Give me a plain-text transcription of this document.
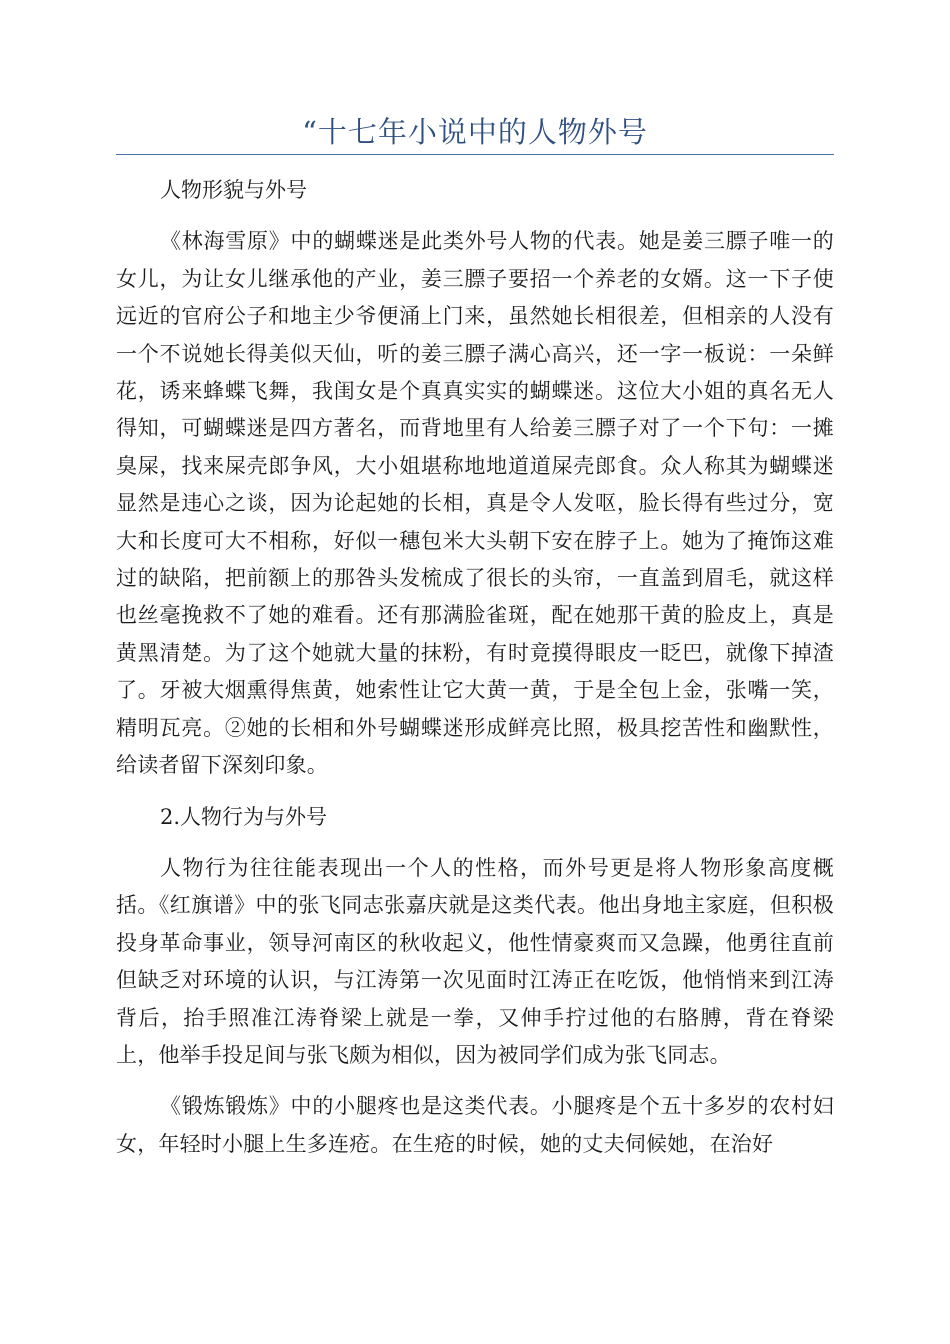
“十七年小说中的人物外号

人物形貌与外号

《林海雪原》中的蝴蝶迷是此类外号人物的代表。她是姜三膘子唯一的女儿，为让女儿继承他的产业，姜三膘子要招一个养老的女婿。这一下子使远近的官府公子和地主少爷便涌上门来，虽然她长相很差，但相亲的人没有一个不说她长得美似天仙，听的姜三膘子满心高兴，还一字一板说：一朵鲜花，诱来蜂蝶飞舞，我闺女是个真真实实的蝴蝶迷。这位大小姐的真名无人得知，可蝴蝶迷是四方著名，而背地里有人给姜三膘子对了一个下句：一摊臭屎，找来屎壳郎争风，大小姐堪称地地道道屎壳郎食。众人称其为蝴蝶迷显然是违心之谈，因为论起她的长相，真是令人发呕，脸长得有些过分，宽大和长度可大不相称，好似一穗包米大头朝下安在脖子上。她为了掩饰这难过的缺陷，把前额上的那咎头发梳成了很长的头帘，一直盖到眉毛，就这样也丝毫挽救不了她的难看。还有那满脸雀斑，配在她那干黄的脸皮上，真是黄黑清楚。为了这个她就大量的抹粉，有时竟摸得眼皮一眨巴，就像下掉渣了。牙被大烟熏得焦黄，她索性让它大黄一黄，于是全包上金，张嘴一笑，精明瓦亮。②她的长相和外号蝴蝶迷形成鲜亮比照，极具挖苦性和幽默性，给读者留下深刻印象。

2.人物行为与外号

人物行为往往能表现出一个人的性格，而外号更是将人物形象高度概括。《红旗谱》中的张飞同志张嘉庆就是这类代表。他出身地主家庭，但积极投身革命事业，领导河南区的秋收起义，他性情豪爽而又急躁，他勇往直前但缺乏对环境的认识，与江涛第一次见面时江涛正在吃饭，他悄悄来到江涛背后，抬手照准江涛脊梁上就是一拳，又伸手拧过他的右胳膊，背在脊梁上，他举手投足间与张飞颇为相似，因为被同学们成为张飞同志。

《锻炼锻炼》中的小腿疼也是这类代表。小腿疼是个五十多岁的农村妇女，年轻时小腿上生多连疮。在生疮的时候，她的丈夫伺候她，在治好
